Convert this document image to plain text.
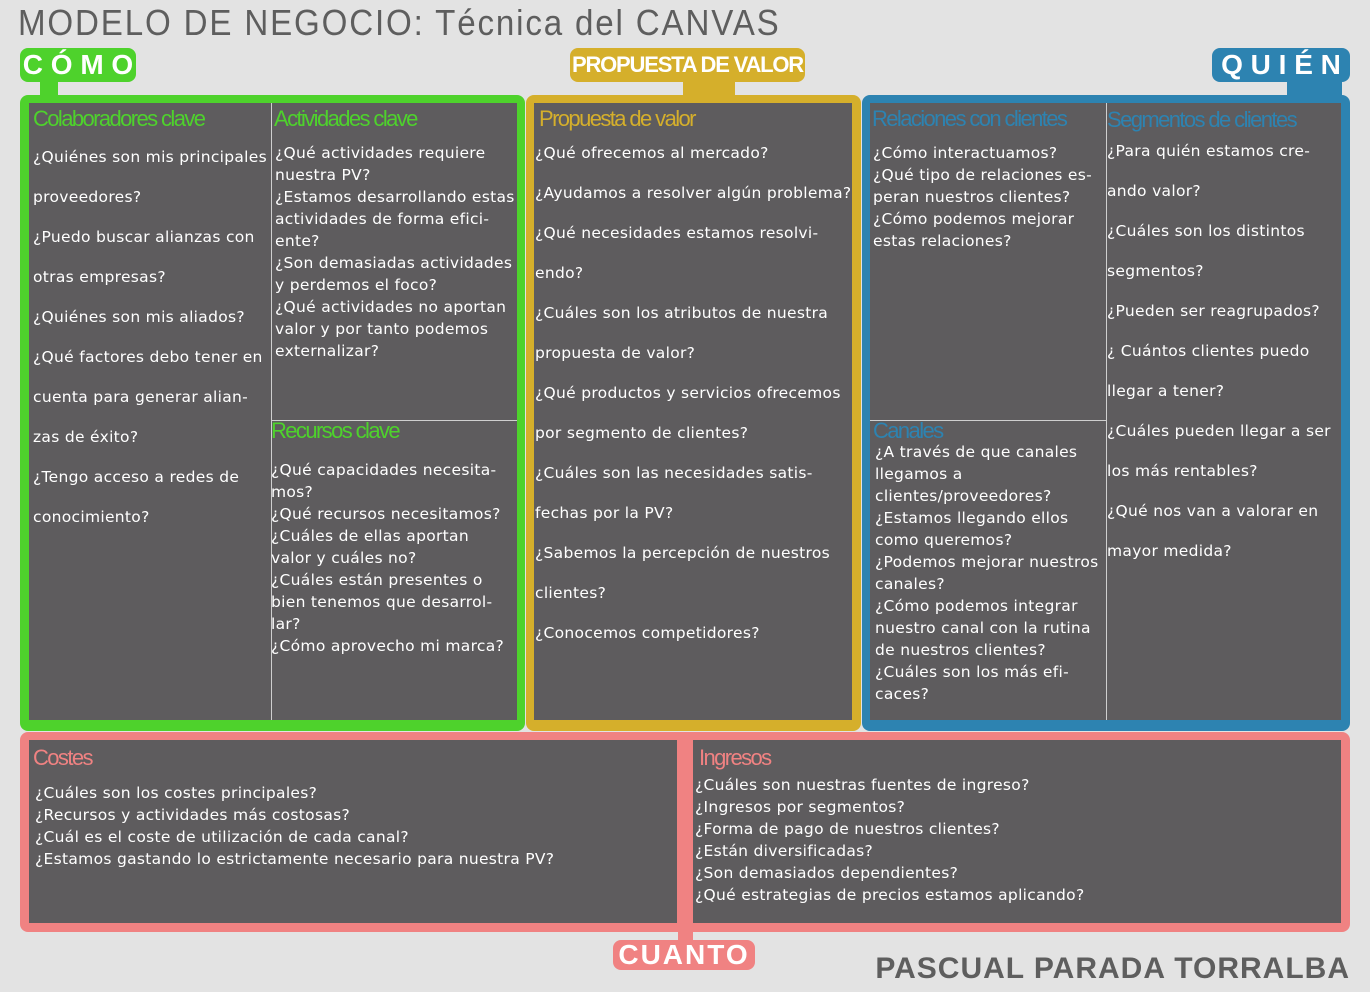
MODELO DE NEGOCIO: Técnica del CANVAS
C Ó M O	PROPUESTA DE VALOR	Q U I É N
CUANTO
Colaboradores clave	Actividades clave
Recursos clave
Propuesta de valor	Relaciones con clientes Segmentos de clientes
Canales
Costes	Ingresos
¿Quiénes son mis principales
proveedores?
¿Puedo buscar alianzas con
otras empresas?
¿Quiénes son mis aliados?
¿Qué factores debo tener en
cuenta para generar alian-
zas de éxito?
¿Tengo acceso a redes de
conocimiento?
¿Qué actividades requiere
nuestra PV?
¿Estamos desarrollando estas
actividades de forma efici-
ente?
¿Son demasiadas actividades
y perdemos el foco?
¿Qué actividades no aportan
valor y por tanto podemos
externalizar?
¿Qué capacidades necesita-
mos?
¿Qué recursos necesitamos?
¿Cuáles de ellas aportan
valor y cuáles no?
¿Cuáles están presentes o
bien tenemos que desarrol-
lar?
¿Cómo aprovecho mi marca?
¿Qué ofrecemos al mercado?
¿Ayudamos a resolver algún problema?
¿Qué necesidades estamos resolvi-
endo?
¿Cuáles son los atributos de nuestra
propuesta de valor?
¿Qué productos y servicios ofrecemos
por segmento de clientes?
¿Cuáles son las necesidades satis-
fechas por la PV?
¿Sabemos la percepción de nuestros
clientes?
¿Conocemos competidores?
¿Cómo interactuamos?
¿Qué tipo de relaciones es-
peran nuestros clientes?
¿Cómo podemos mejorar
estas relaciones?
¿A través de que canales
llegamos a
clientes/proveedores?
¿Estamos llegando ellos
como queremos?
¿Podemos mejorar nuestros
canales?
¿Cómo podemos integrar
nuestro canal con la rutina
de nuestros clientes?
¿Cuáles son los más efi-
caces?
¿Para quién estamos cre-
ando valor?
¿Cuáles son los distintos
segmentos?
¿Pueden ser reagrupados?
¿ Cuántos clientes puedo
llegar a tener?
¿Cuáles pueden llegar a ser
los más rentables?
¿Qué nos van a valorar en
mayor medida?
¿Cuáles son los costes principales?
¿Recursos y actividades más costosas?
¿Cuál es el coste de utilización de cada canal?
¿Estamos gastando lo estrictamente necesario para nuestra PV?
¿Cuáles son nuestras fuentes de ingreso?
¿Ingresos por segmentos?
¿Forma de pago de nuestros clientes?
¿Están diversificadas?
¿Son demasiados dependientes?
¿Qué estrategias de precios estamos aplicando?
PASCUAL PARADA TORRALBA
